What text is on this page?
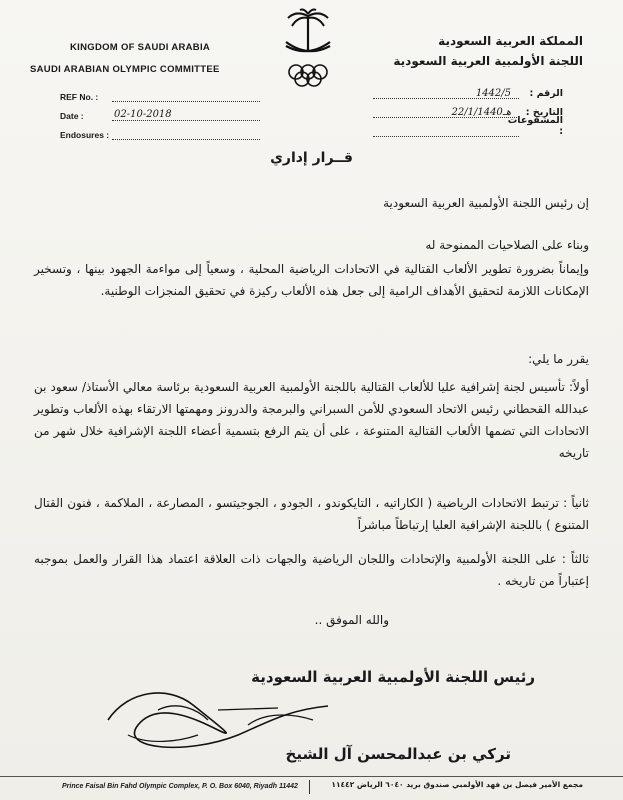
KINGDOM OF SAUDI ARABIA
SAUDI ARABIAN OLYMPIC COMMITTEE
المملكة العربية السعودية
اللجنة الأولمبية العربية السعودية
REF No. :
Date :	02-10-2018
Endosures :
الرقم :
1442/5
التاريخ :
22/1/1440هـ
المشفوعات :
قــرار إداري

إن رئيس اللجنة الأولمبية العربية السعودية

وبناء على الصلاحيات الممنوحة له

وإيماناً بضرورة تطوير الألعاب القتالية في الاتحادات الرياضية المحلية ، وسعياً إلى مواءمة الجهود بينها ، وتسخير الإمكانات اللازمة لتحقيق الأهداف الرامية إلى جعل هذه الألعاب ركيزة في تحقيق المنجزات الوطنية.

يقرر ما يلي:

أولاً: تأسيس لجنة إشرافية عليا للألعاب القتالية باللجنة الأولمبية العربية السعودية برئاسة معالي الأستاذ/ سعود بن عبدالله القحطاني رئيس الاتحاد السعودي للأمن السبراني والبرمجة والدرونز ومهمتها الارتقاء بهذه الألعاب وتطوير الاتحادات التي تضمها الألعاب القتالية المتنوعة ، على أن يتم الرفع بتسمية أعضاء اللجنة الإشرافية خلال شهر من تاريخه

ثانياً : ترتبط الاتحادات الرياضية ( الكاراتيه ، التايكوندو ، الجودو ، الجوجيتسو ، المصارعة ، الملاكمة ، فنون القتال المتنوع ) باللجنة الإشرافية العليا إرتباطاً مباشراً

ثالثاً : على اللجنة الأولمبية والإتحادات واللجان الرياضية والجهات ذات العلاقة اعتماد هذا القرار والعمل بموجبه إعتباراً من تاريخه .

والله الموفق ..

رئيس اللجنة الأولمبية العربية السعودية
تركي بن عبدالمحسن آل الشيخ
Prince Faisal Bin Fahd Olympic Complex, P. O. Box 6040, Riyadh 11442	مجمع الأمير فيصل بن فهد الأولمبي صندوق بريد ٦٠٤٠ الرياض ١١٤٤٢
